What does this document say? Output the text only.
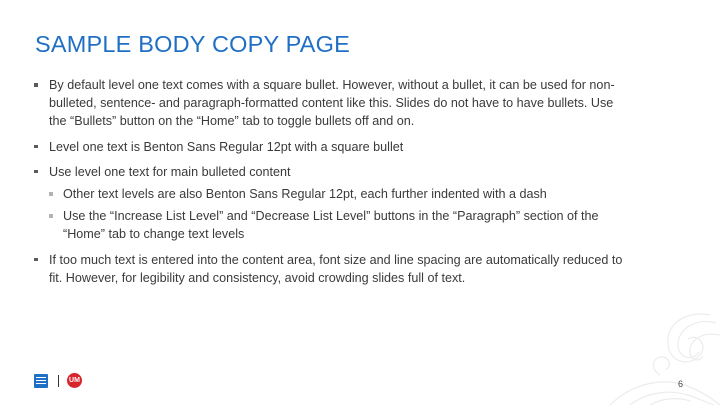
SAMPLE BODY COPY PAGE
By default level one text comes with a square bullet. However, without a bullet, it can be used for non-bulleted, sentence- and paragraph-formatted content like this. Slides do not have to have bullets. Use the “Bullets” button on the “Home” tab to toggle bullets off and on.
Level one text is Benton Sans Regular 12pt with a square bullet
Use level one text for main bulleted content
Other text levels are also Benton Sans Regular 12pt, each further indented with a dash
Use the “Increase List Level” and “Decrease List Level” buttons in the “Paragraph” section of the “Home” tab to change text levels
If too much text is entered into the content area, font size and line spacing are automatically reduced to fit. However, for legibility and consistency, avoid crowding slides full of text.
UM	6
